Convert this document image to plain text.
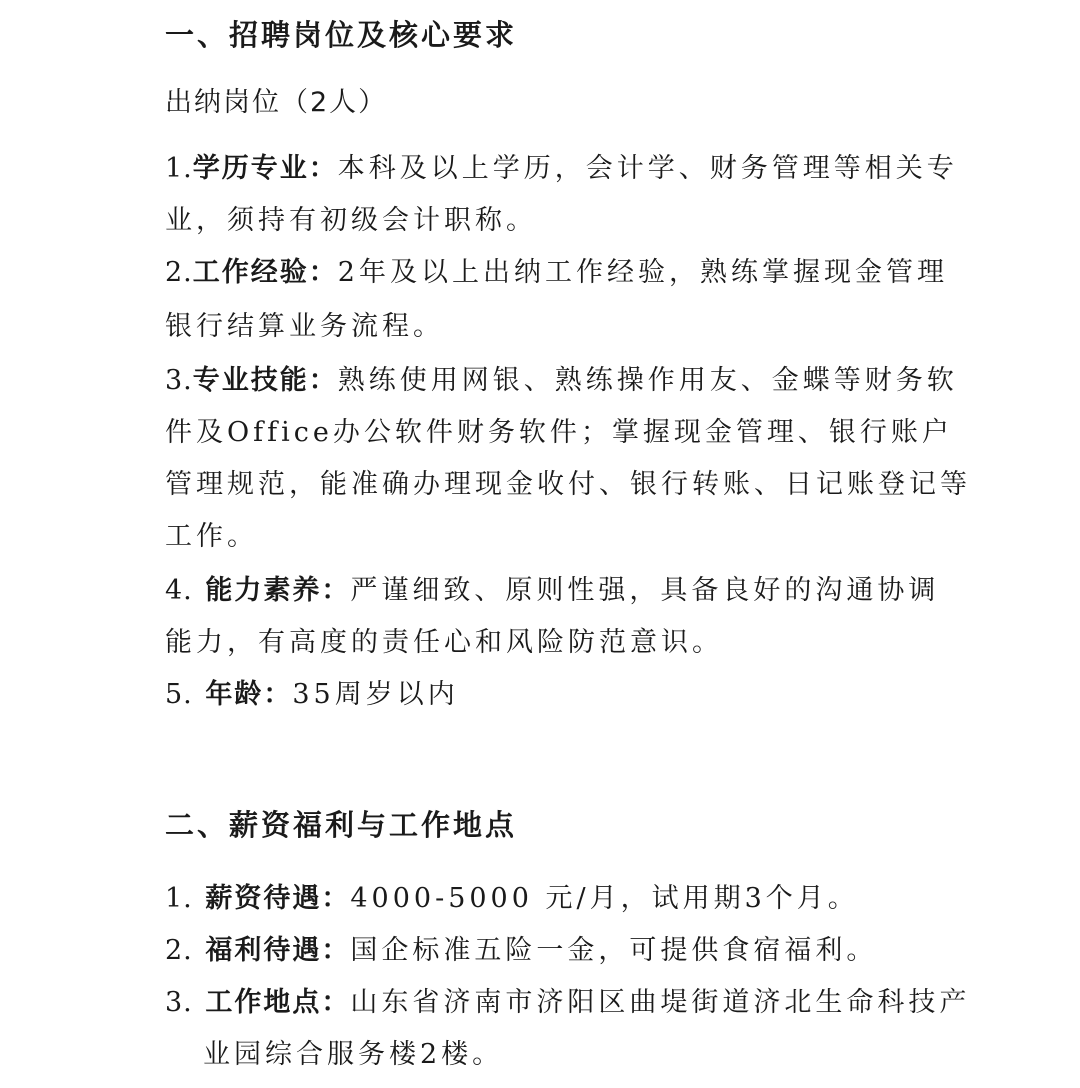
一、招聘岗位及核心要求
出纳岗位（2人）
1.学历专业：本科及以上学历，会计学、财务管理等相关专
业，须持有初级会计职称。
2.工作经验：2年及以上出纳工作经验，熟练掌握现金管理
银行结算业务流程。
3.专业技能：熟练使用网银、熟练操作用友、金蝶等财务软
件及Office办公软件财务软件；掌握现金管理、银行账户
管理规范，能准确办理现金收付、银行转账、日记账登记等
工作。
4. 能力素养：严谨细致、原则性强，具备良好的沟通协调
能力，有高度的责任心和风险防范意识。
5. 年龄：35周岁以内
二、薪资福利与工作地点
1. 薪资待遇：4000-5000 元/月，试用期3个月。
2. 福利待遇：国企标准五险一金，可提供食宿福利。
3. 工作地点：山东省济南市济阳区曲堤街道济北生命科技产
业园综合服务楼2楼。
